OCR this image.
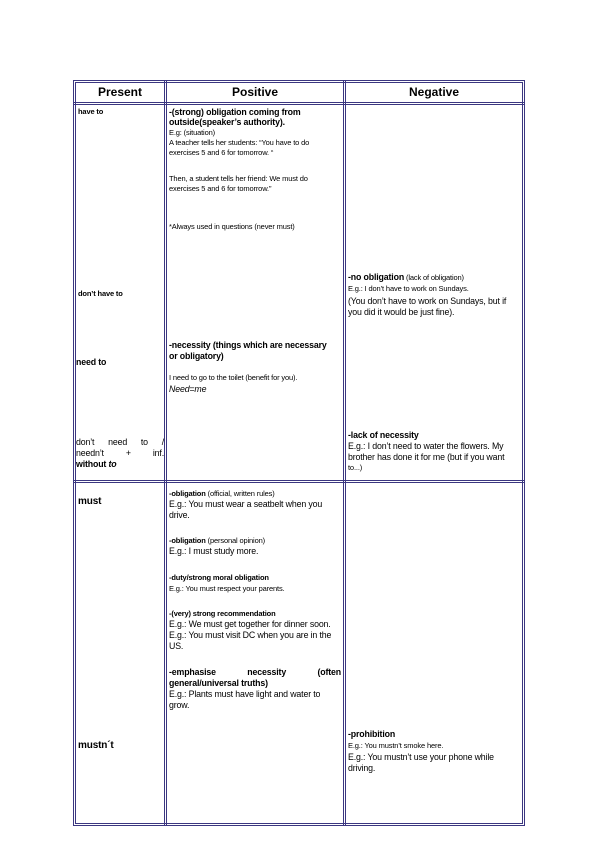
Present	Positive	Negative
have to
don’t have to
need to
don’t need to /
needn’t + inf.
without to
must
mustn´t
-(strong) obligation coming from
outside(speaker’s authority).
E.g: (situation)
A teacher tells her students: “You have to do
exercises 5 and 6 for tomorrow. “
Then, a student tells her friend: We must do
exercises 5 and 6 for tomorrow.”
*Always used in questions (never must)
-necessity (things which are necessary
or obligatory)
I need to go to the toilet (benefit for you).
Need=me
-obligation (official, written rules)
E.g.: You must wear a seatbelt when you
drive.
-obligation (personal opinion)
E.g.: I must study more.
-duty/strong moral obligation
E.g.: You must respect your parents.
-(very) strong recommendation
E.g.: We must get together for dinner soon.
E.g.: You must visit DC when you are in the
US.
-emphasise necessity (often
general/universal truths)
E.g.: Plants must have light and water to
grow.
-no obligation (lack of obligation)
E.g.: I don’t have to work on Sundays.
(You don’t have to work on Sundays, but if
you did it would be just fine).
-lack of necessity
E.g.: I don’t need to water the flowers. My
brother has done it for me (but if you want
to...)
-prohibition
E.g.: You mustn’t smoke here.
E.g.: You mustn’t use your phone while
driving.
